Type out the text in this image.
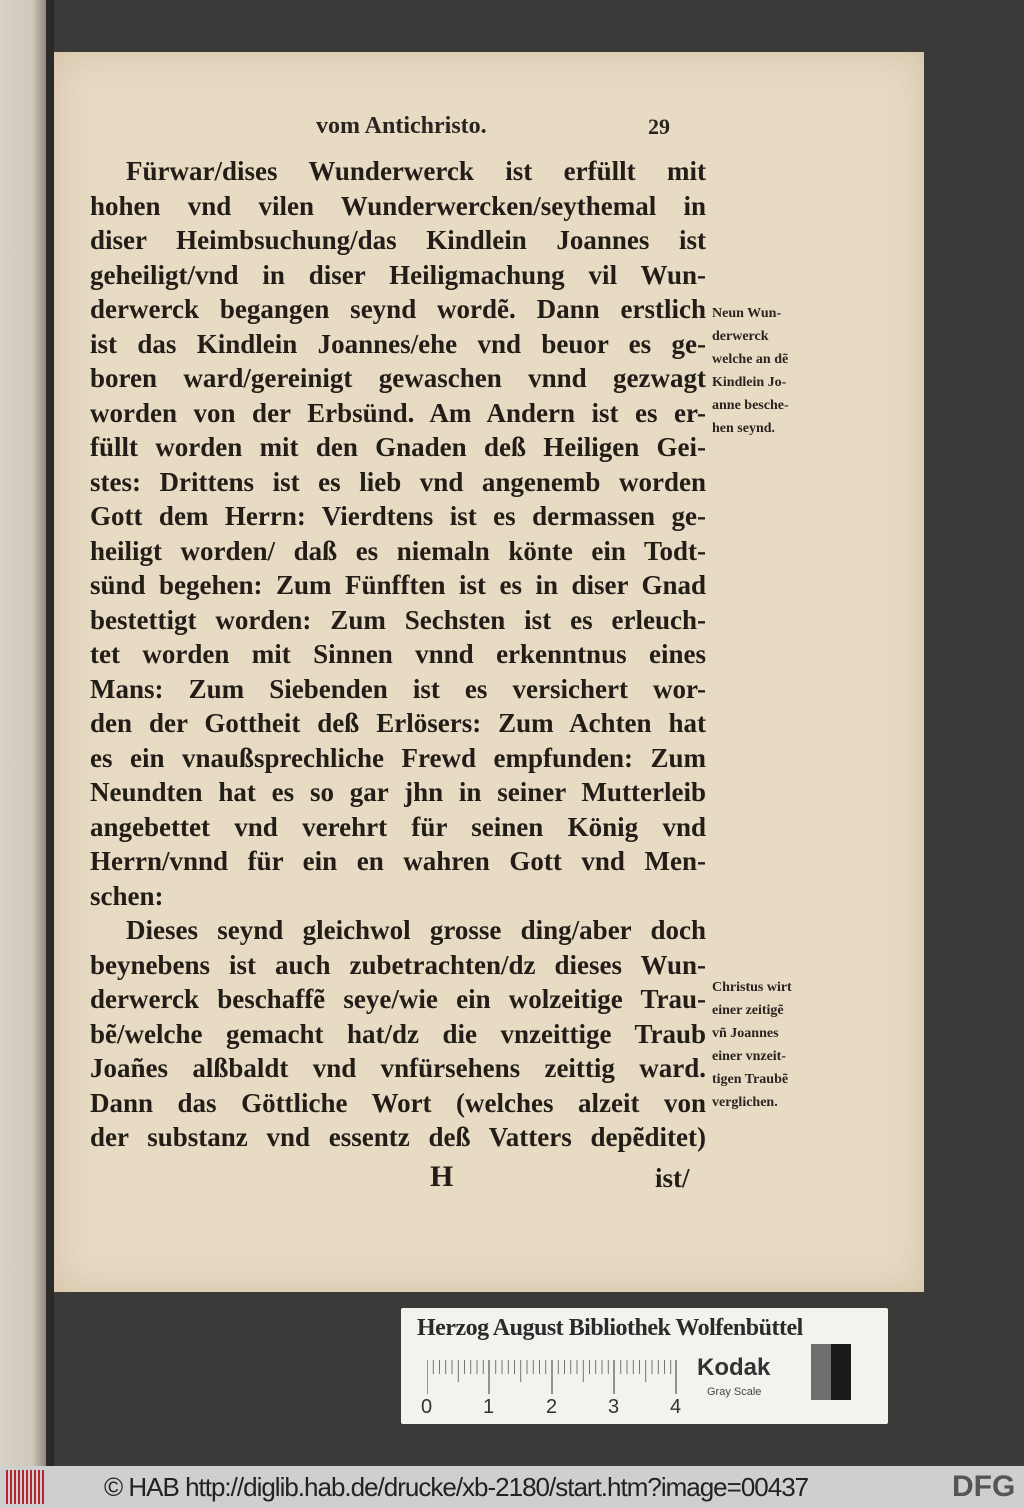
vom Antichristo.	29
Fürwar/dises Wunderwerck ist erfüllt mit
hohen vnd vilen Wunderwercken/seythemal in
diser Heimbsuchung/das Kindlein Joannes ist
geheiligt/vnd in diser Heiligmachung vil Wun-
derwerck begangen seynd wordẽ. Dann erstlich
ist das Kindlein Joannes/ehe vnd beuor es ge-
boren ward/gereinigt gewaschen vnnd gezwagt
worden von der Erbsünd. Am Andern ist es er-
füllt worden mit den Gnaden deß Heiligen Gei-
stes: Drittens ist es lieb vnd angenemb worden
Gott dem Herrn: Vierdtens ist es dermassen ge-
heiligt worden/ daß es niemaln könte ein Todt-
sünd begehen: Zum Fünfften ist es in diser Gnad
bestettigt worden: Zum Sechsten ist es erleuch-
tet worden mit Sinnen vnnd erkenntnus eines
Mans: Zum Siebenden ist es versichert wor-
den der Gottheit deß Erlösers: Zum Achten hat
es ein vnaußsprechliche Frewd empfunden: Zum
Neundten hat es so gar jhn in seiner Mutterleib
angebettet vnd verehrt für seinen König vnd
Herrn/vnnd für ein en wahren Gott vnd Men-
schen:
Dieses seynd gleichwol grosse ding/aber doch
beynebens ist auch zubetrachten/dz dieses Wun-
derwerck beschaffẽ seye/wie ein wolzeitige Trau-
bẽ/welche gemacht hat/dz die vnzeittige Traub
Joañes alßbaldt vnd vnfürsehens zeittig ward.
Dann das Göttliche Wort (welches alzeit von
der substanz vnd essentz deß Vatters depẽditet)
Neun Wun-
derwerck
welche an dẽ
Kindlein Jo-
anne beschе-
hen seynd.
Christus wirt
einer zeitigẽ
vñ Joannes
einer vnzeit-
tigen Traubẽ
verglichen.
H	ist/
Herzog August Bibliothek Wolfenbüttel
0	1	2	3	4
Kodak
Gray Scale
© HAB http://diglib.hab.de/drucke/xb-2180/start.htm?image=00437	DFG
